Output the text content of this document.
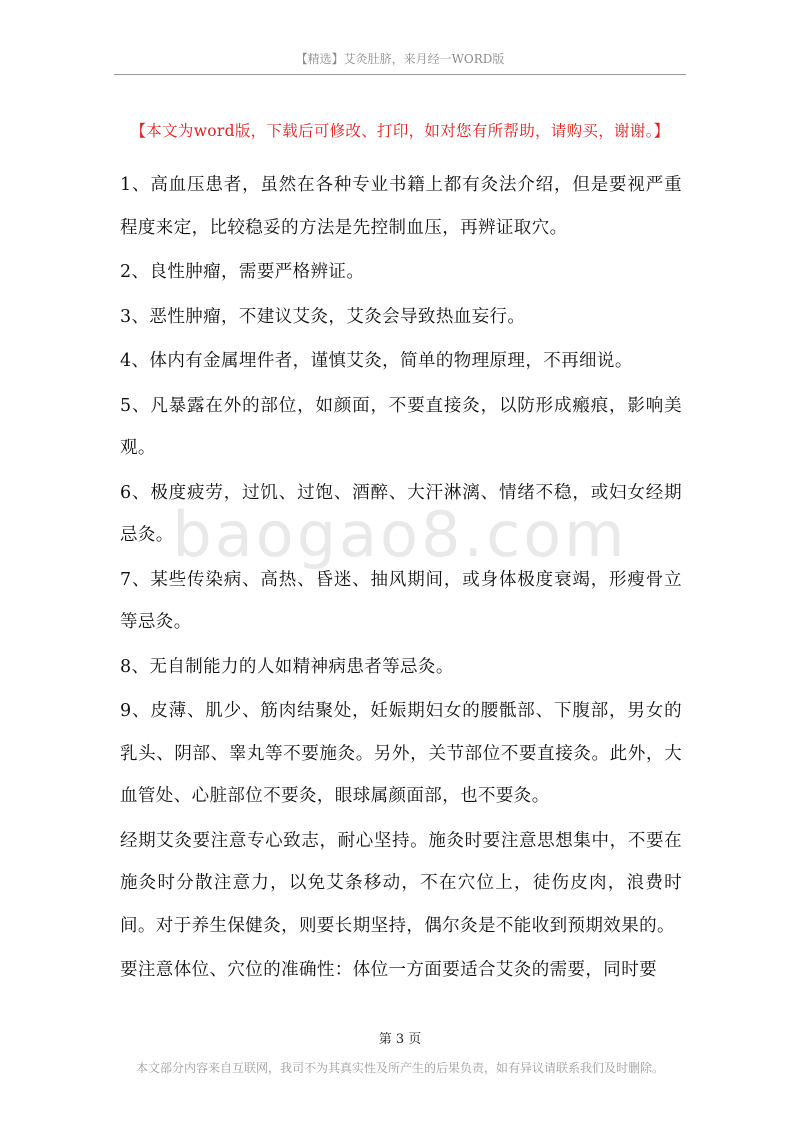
【精选】艾灸肚脐，来月经一WORD版
【本文为word版，下载后可修改、打印，如对您有所帮助，请购买，谢谢。】
baogao8.com

1、高血压患者，虽然在各种专业书籍上都有灸法介绍，但是要视严重程度来定，比较稳妥的方法是先控制血压，再辨证取穴。

2、良性肿瘤，需要严格辨证。

3、恶性肿瘤，不建议艾灸，艾灸会导致热血妄行。

4、体内有金属埋件者，谨慎艾灸，简单的物理原理，不再细说。

5、凡暴露在外的部位，如颜面，不要直接灸，以防形成瘢痕，影响美观。

6、极度疲劳，过饥、过饱、酒醉、大汗淋漓、情绪不稳，或妇女经期忌灸。

7、某些传染病、高热、昏迷、抽风期间，或身体极度衰竭，形瘦骨立等忌灸。

8、无自制能力的人如精神病患者等忌灸。

9、皮薄、肌少、筋肉结聚处，妊娠期妇女的腰骶部、下腹部，男女的乳头、阴部、睾丸等不要施灸。另外，关节部位不要直接灸。此外，大血管处、心脏部位不要灸，眼球属颜面部，也不要灸。

经期艾灸要注意专心致志，耐心坚持。施灸时要注意思想集中，不要在施灸时分散注意力，以免艾条移动，不在穴位上，徒伤皮肉，浪费时间。对于养生保健灸，则要长期坚持，偶尔灸是不能收到预期效果的。

要注意体位、穴位的准确性：体位一方面要适合艾灸的需要，同时要

第 3 页
本文部分内容来自互联网，我司不为其真实性及所产生的后果负责，如有异议请联系我们及时删除。
